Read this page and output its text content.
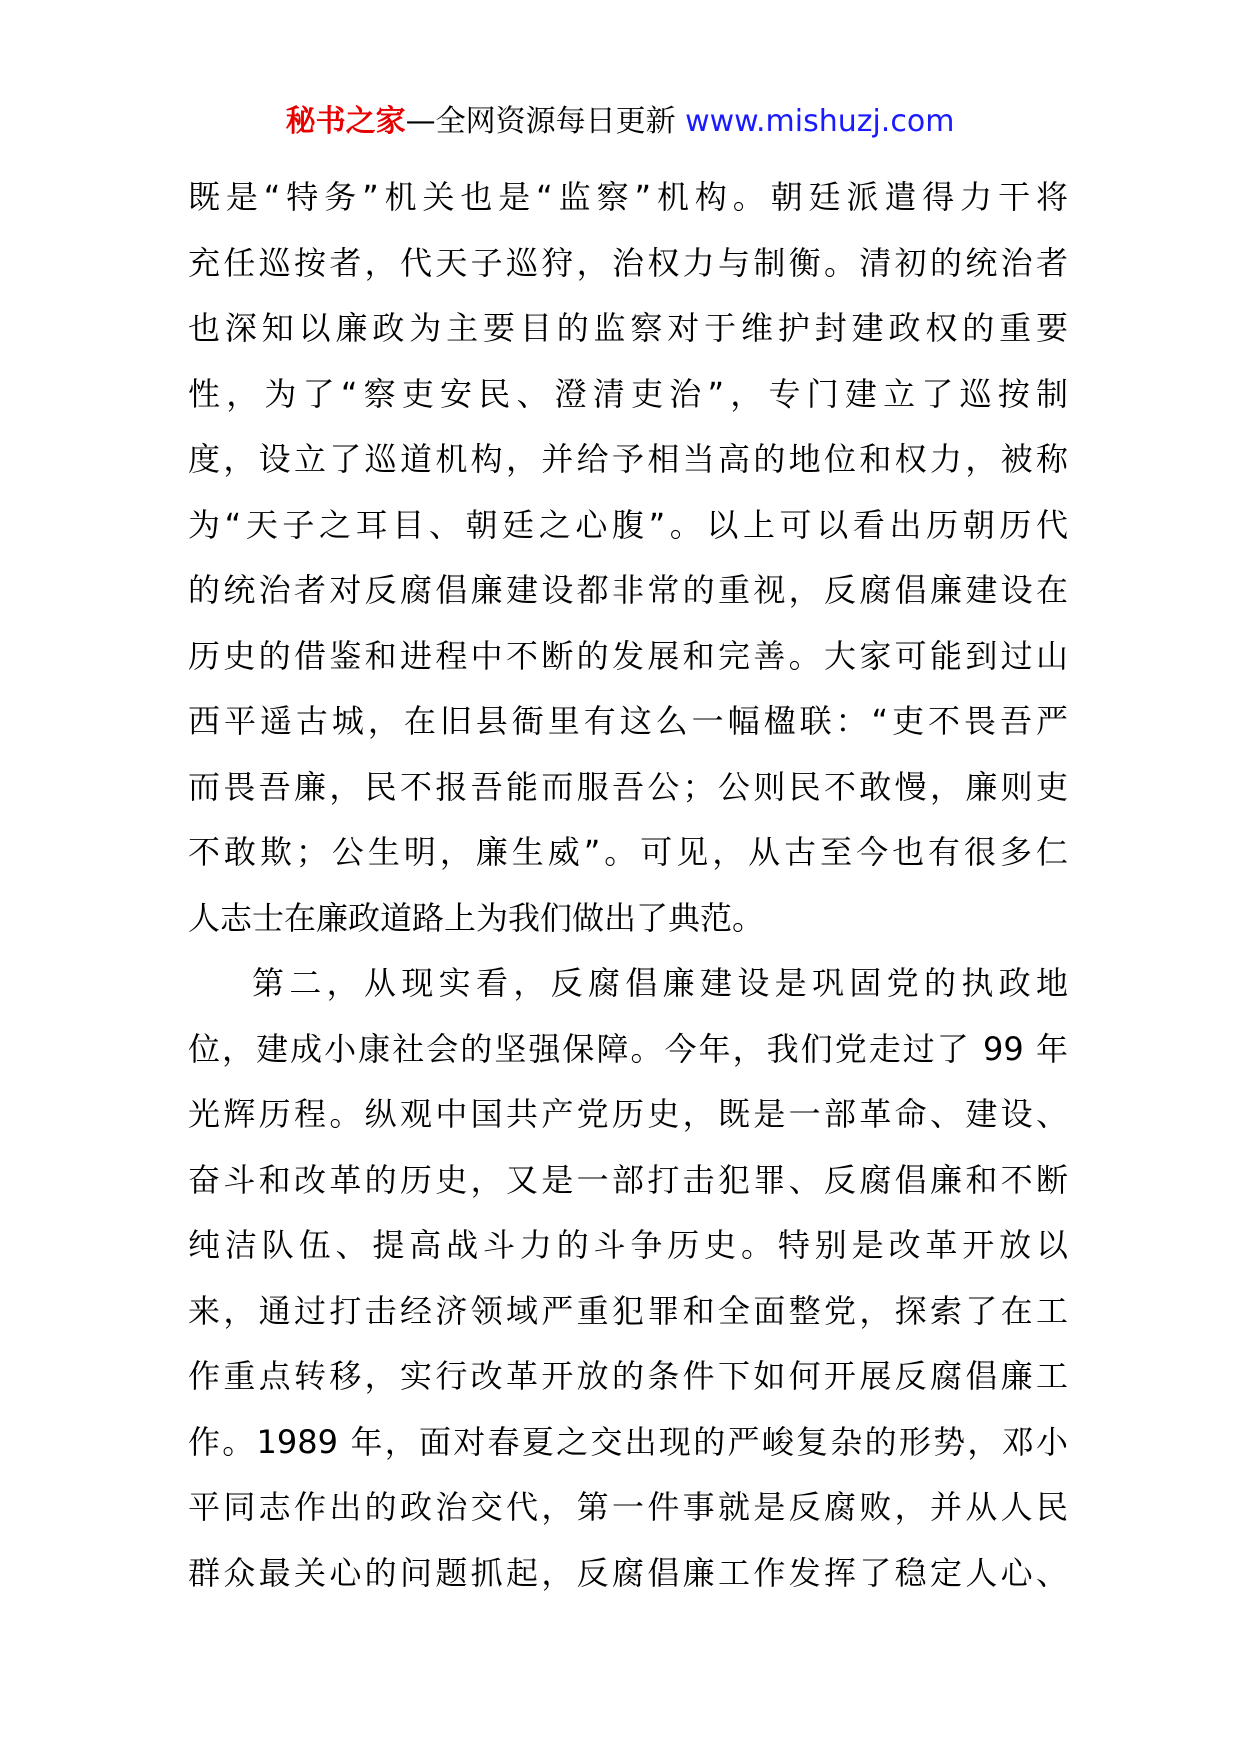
秘书之家—全网资源每日更新 www.mishuzj.com
既是“特务”机关也是“监察”机构。朝廷派遣得力干将
充任巡按者，代天子巡狩，治权力与制衡。清初的统治者
也深知以廉政为主要目的监察对于维护封建政权的重要
性，为了“察吏安民、澄清吏治”，专门建立了巡按制
度，设立了巡道机构，并给予相当高的地位和权力，被称
为“天子之耳目、朝廷之心腹”。以上可以看出历朝历代
的统治者对反腐倡廉建设都非常的重视，反腐倡廉建设在
历史的借鉴和进程中不断的发展和完善。大家可能到过山
西平遥古城，在旧县衙里有这么一幅楹联：“吏不畏吾严
而畏吾廉，民不报吾能而服吾公；公则民不敢慢，廉则吏
不敢欺；公生明，廉生威”。可见，从古至今也有很多仁
人志士在廉政道路上为我们做出了典范。
第二，从现实看，反腐倡廉建设是巩固党的执政地
位，建成小康社会的坚强保障。今年，我们党走过了 99 年
光辉历程。纵观中国共产党历史，既是一部革命、建设、
奋斗和改革的历史，又是一部打击犯罪、反腐倡廉和不断
纯洁队伍、提高战斗力的斗争历史。特别是改革开放以
来，通过打击经济领域严重犯罪和全面整党，探索了在工
作重点转移，实行改革开放的条件下如何开展反腐倡廉工
作。1989 年，面对春夏之交出现的严峻复杂的形势，邓小
平同志作出的政治交代，第一件事就是反腐败，并从人民
群众最关心的问题抓起，反腐倡廉工作发挥了稳定人心、
